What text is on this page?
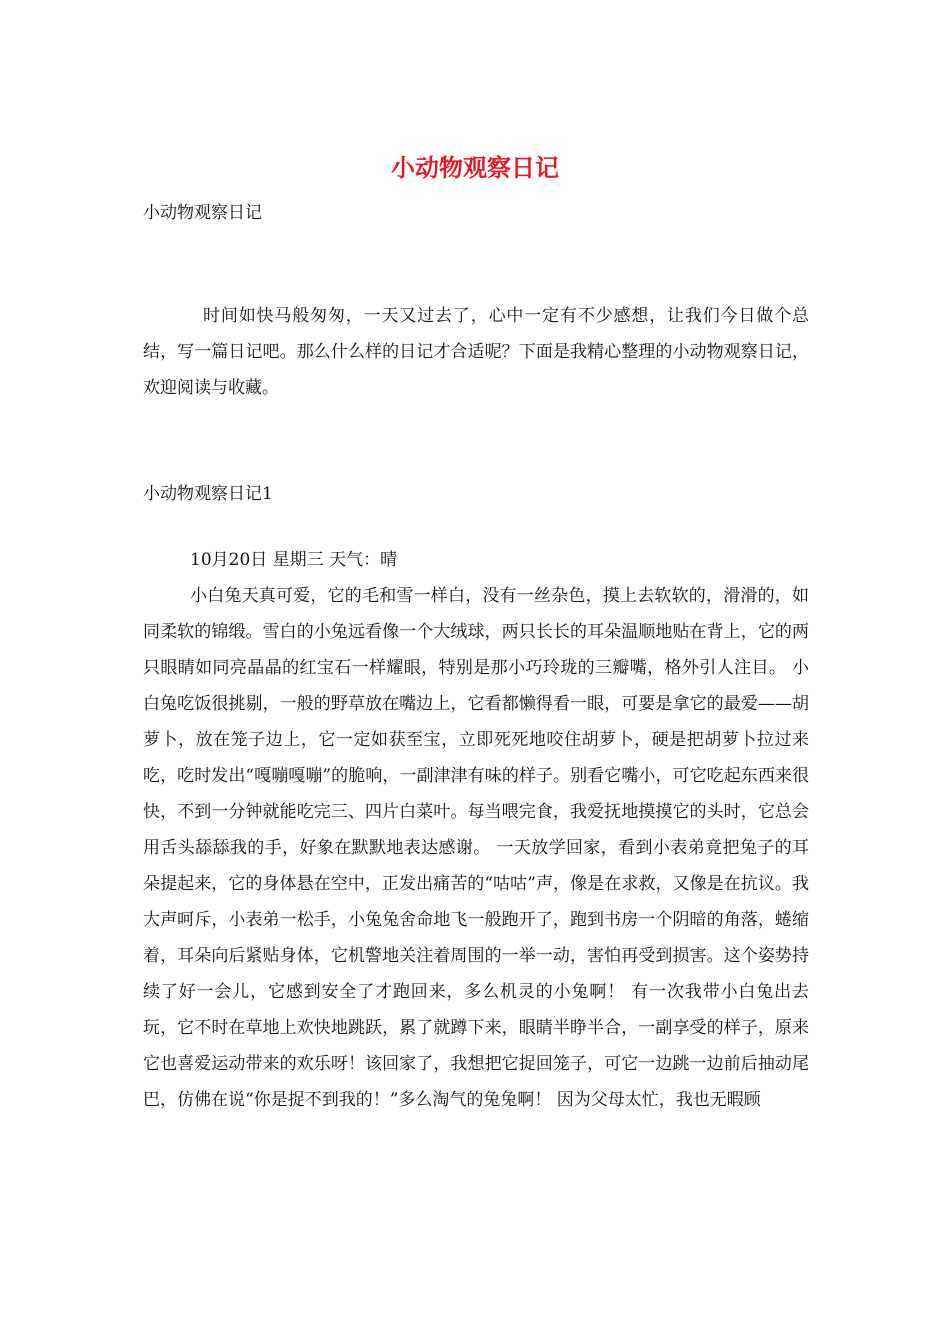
小动物观察日记
小动物观察日记

时间如快马般匆匆，一天又过去了，心中一定有不少感想，让我们今日做个总结，写一篇日记吧。那么什么样的日记才合适呢？下面是我精心整理的小动物观察日记，欢迎阅读与收藏。

小动物观察日记1
10月20日 星期三 天气：晴

小白兔天真可爱，它的毛和雪一样白，没有一丝杂色，摸上去软软的，滑滑的，如同柔软的锦缎。雪白的小兔远看像一个大绒球，两只长长的耳朵温顺地贴在背上，它的两只眼睛如同亮晶晶的红宝石一样耀眼，特别是那小巧玲珑的三瓣嘴，格外引人注目。 小白兔吃饭很挑剔，一般的野草放在嘴边上，它看都懒得看一眼，可要是拿它的最爱——胡萝卜，放在笼子边上，它一定如获至宝，立即死死地咬住胡萝卜，硬是把胡萝卜拉过来吃，吃时发出“嘎嘣嘎嘣”的脆响，一副津津有味的样子。别看它嘴小，可它吃起东西来很快，不到一分钟就能吃完三、四片白菜叶。每当喂完食，我爱抚地摸摸它的头时，它总会用舌头舔舔我的手，好象在默默地表达感谢。 一天放学回家，看到小表弟竟把兔子的耳朵提起来，它的身体悬在空中，正发出痛苦的“咕咕”声，像是在求救，又像是在抗议。我大声呵斥，小表弟一松手，小兔兔舍命地飞一般跑开了，跑到书房一个阴暗的角落，蜷缩着，耳朵向后紧贴身体，它机警地关注着周围的一举一动，害怕再受到损害。这个姿势持续了好一会儿，它感到安全了才跑回来，多么机灵的小兔啊！ 有一次我带小白兔出去玩，它不时在草地上欢快地跳跃，累了就蹲下来，眼睛半睁半合，一副享受的样子，原来它也喜爱运动带来的欢乐呀！该回家了，我想把它捉回笼子，可它一边跳一边前后抽动尾巴，仿佛在说“你是捉不到我的！”多么淘气的兔兔啊！ 因为父母太忙，我也无暇顾
